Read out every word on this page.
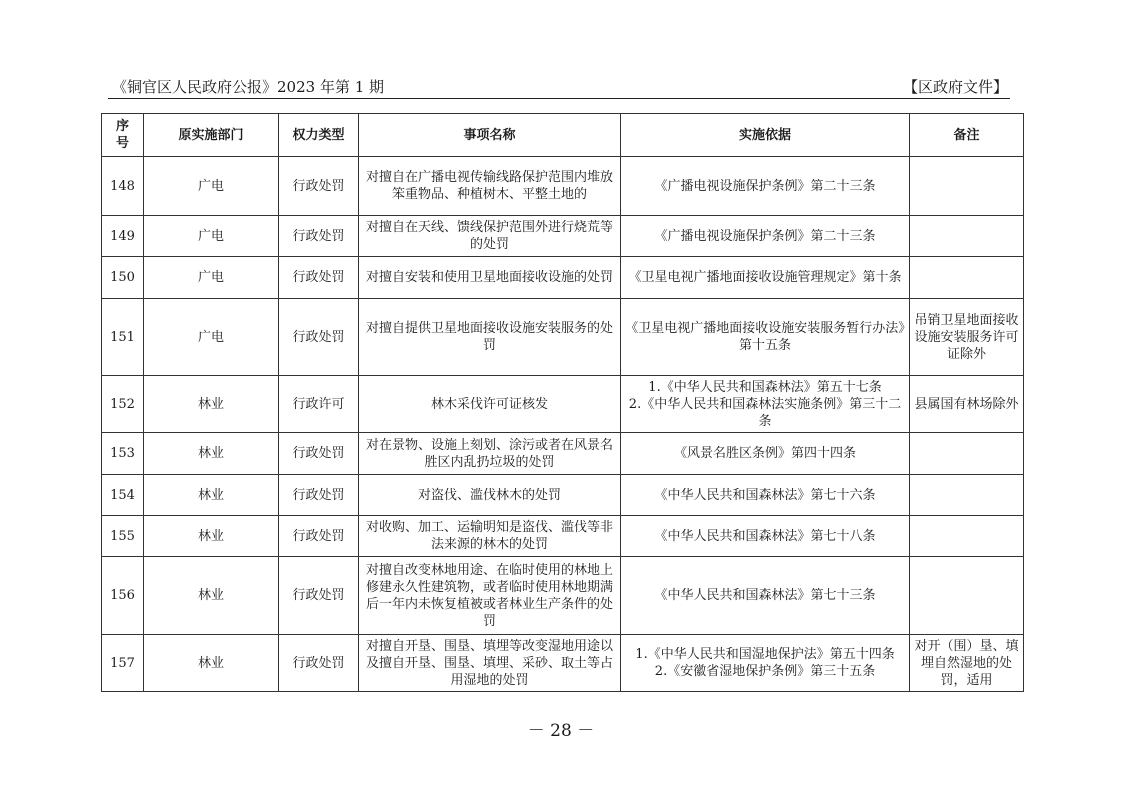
《铜官区人民政府公报》2023 年第 1 期	【区政府文件】
序号	原实施部门	权力类型	事项名称	实施依据	备注
148	广电	行政处罚	对擅自在广播电视传输线路保护范围内堆放笨重物品、种植树木、平整土地的	《广播电视设施保护条例》第二十三条	

149	广电	行政处罚	对擅自在天线、馈线保护范围外进行烧荒等的处罚	《广播电视设施保护条例》第二十三条	

150	广电	行政处罚	对擅自安装和使用卫星地面接收设施的处罚	《卫星电视广播地面接收设施管理规定》第十条	

151	广电	行政处罚	对擅自提供卫星地面接收设施安装服务的处罚	《卫星电视广播地面接收设施安装服务暂行办法》第十五条	吊销卫星地面接收设施安装服务许可证除外
152	林业	行政许可	林木采伐许可证核发	1.《中华人民共和国森林法》第五十七条
2.《中华人民共和国森林法实施条例》第三十二条	县属国有林场除外
153	林业	行政处罚	对在景物、设施上刻划、涂污或者在风景名胜区内乱扔垃圾的处罚	《风景名胜区条例》第四十四条	

154	林业	行政处罚	对盗伐、滥伐林木的处罚	《中华人民共和国森林法》第七十六条	

155	林业	行政处罚	对收购、加工、运输明知是盗伐、滥伐等非法来源的林木的处罚	《中华人民共和国森林法》第七十八条	

156	林业	行政处罚	对擅自改变林地用途、在临时使用的林地上修建永久性建筑物，或者临时使用林地期满后一年内未恢复植被或者林业生产条件的处罚	《中华人民共和国森林法》第七十三条	

157	林业	行政处罚	对擅自开垦、围垦、填埋等改变湿地用途以及擅自开垦、围垦、填埋、采砂、取土等占用湿地的处罚	1.《中华人民共和国湿地保护法》第五十四条
2.《安徽省湿地保护条例》第三十五条	对开（围）垦、填埋自然湿地的处罚，适用
－ 28 －
